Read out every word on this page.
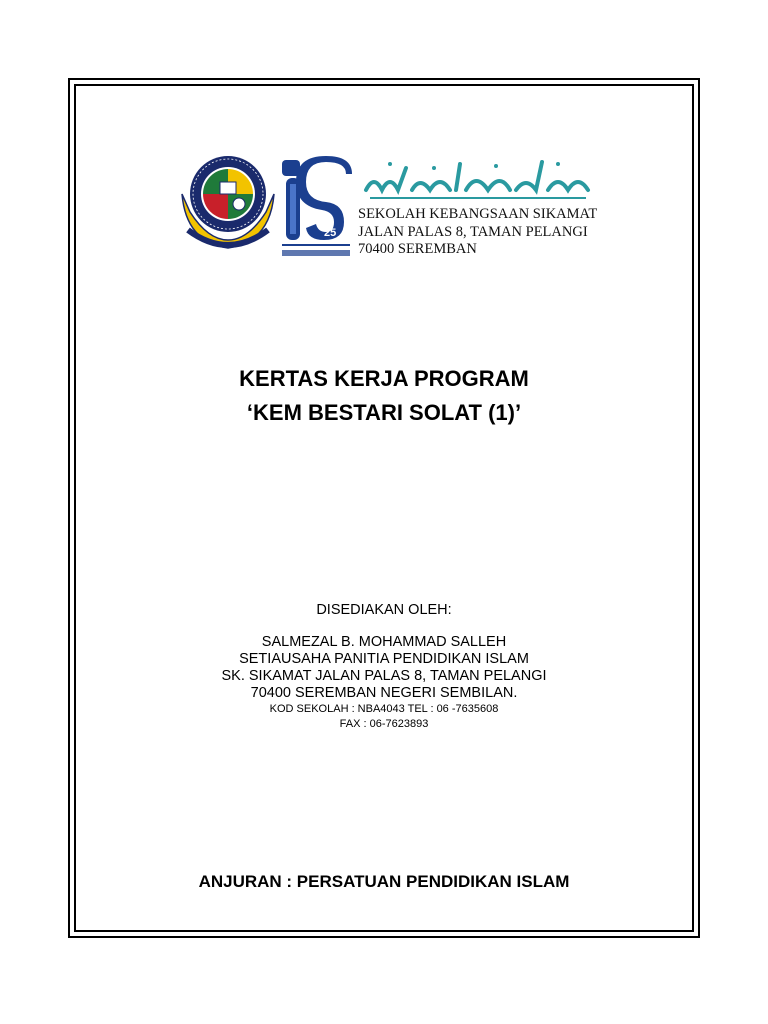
25
SEKOLAH KEBANGSAAN SIKAMAT
JALAN PALAS 8, TAMAN PELANGI
70400 SEREMBAN
KERTAS KERJA PROGRAM
‘KEM BESTARI SOLAT (1)’
DISEDIAKAN OLEH:
SALMEZAL B. MOHAMMAD SALLEH
SETIAUSAHA PANITIA PENDIDIKAN ISLAM
SK. SIKAMAT JALAN PALAS 8, TAMAN PELANGI
70400 SEREMBAN NEGERI SEMBILAN.
KOD SEKOLAH : NBA4043 TEL : 06 -7635608
FAX : 06-7623893
ANJURAN : PERSATUAN PENDIDIKAN ISLAM
